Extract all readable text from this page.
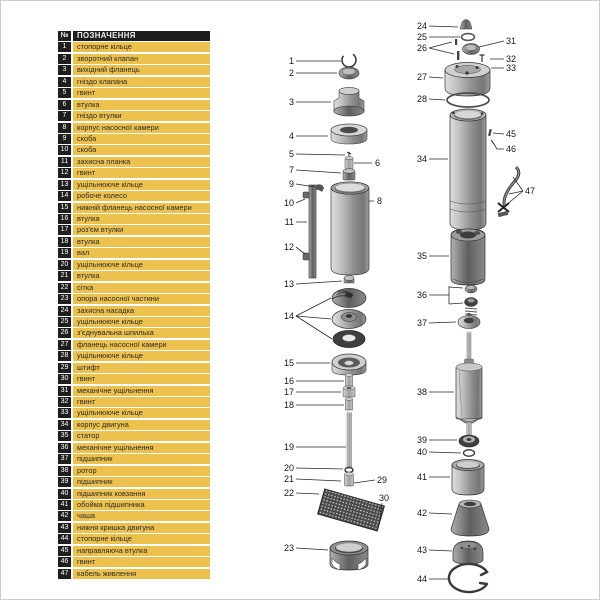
№	ПОЗНАЧЕННЯ
1	стопорне кільце
2	зворотний клапан
3	вихідний фланець
4	гніздо клапана
5	гвинт
6	втулка
7	гніздо втулки
8	корпус насосної камери
9	скоба
10	скоба
11	захисна планка
12	гвинт
13	ущільнююче кільце
14	робоче колесо
15	нижній фланець насосної камери
16	втулка
17	роз'єм втулки
18	втулка
19	вал
20	ущільнююче кільце
21	втулка
22	сітка
23	опора насосної частини
24	захисна насадка
25	ущільнююче кільце
26	з'єднувальна шпилька
27	фланець насосної камери
28	ущільнююче кільце
29	штифт
30	гвинт
31	механічне ущільнення
32	гвинт
33	ущільнююче кільце
34	корпус двигуна
35	статор
36	механічне ущільнення
37	підшипник
38	ротор
39	підшипник
40	підшипник ковзання
41	обойма підшипника
42	чаша
43	нижня кришка двигуна
44	стопорне кільце
45	направляюча втулка
46	гвинт
47	кабель живлення
1
2
3
4
5
6
7
8
9
10
11
12
13
14
15
16
17
18
19
20
21
22
23
24
25
26
27
28
29
30
31
32
33
34
35
36
37
38
39
40
41
42
43
44
45
46
47
